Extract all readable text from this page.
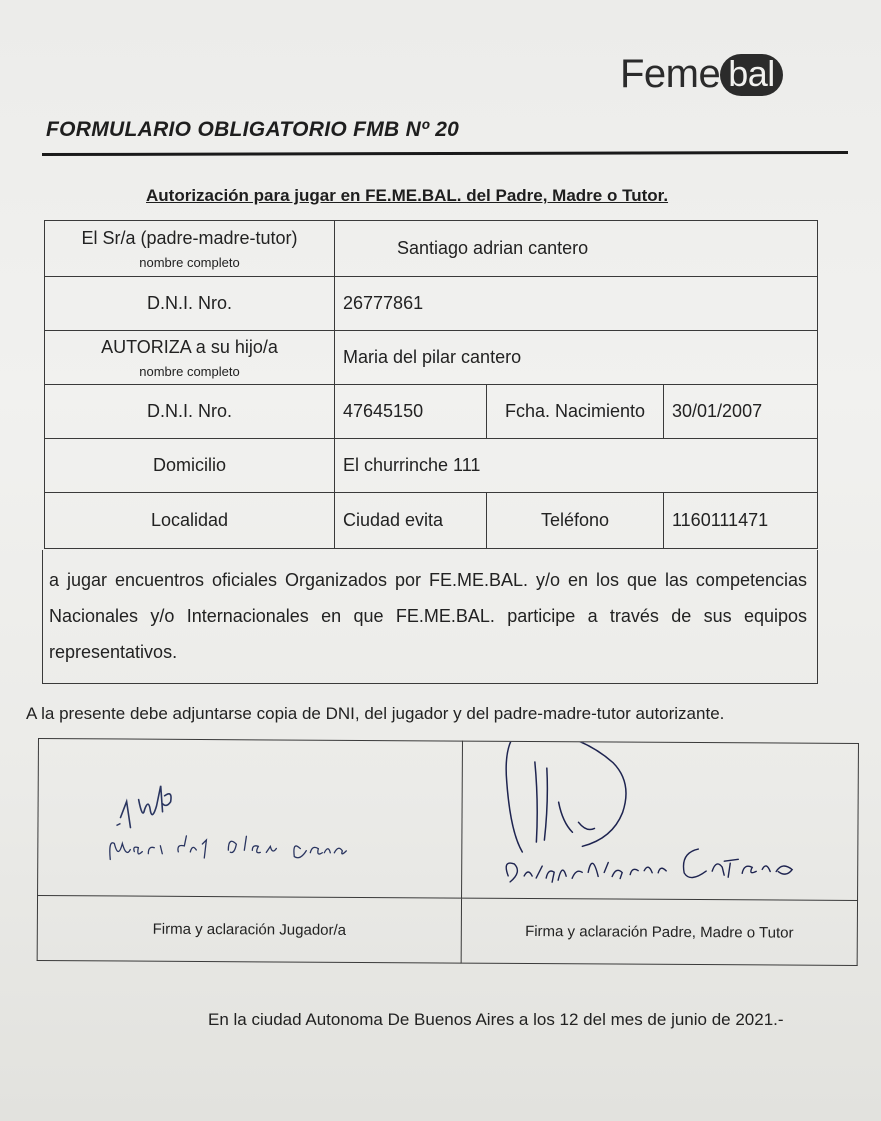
Feme bal
FORMULARIO OBLIGATORIO FMB Nº 20
Autorización para jugar en FE.ME.BAL. del Padre, Madre o Tutor.
El Sr/a (padre-madre-tutor)
nombre completo	Santiago adrian cantero		
D.N.I. Nro.	26777861		
AUTORIZA a su hijo/a
nombre completo	Maria del pilar cantero		
D.N.I. Nro.	47645150	Fcha. Nacimiento	30/01/2007
Domicilio	El churrinche 111		
Localidad	Ciudad evita	Teléfono	1160111471
a jugar encuentros oficiales Organizados por FE.ME.BAL. y/o en los que las competencias Nacionales y/o Internacionales en que FE.ME.BAL. participe a través de sus equipos representativos.
A la presente debe adjuntarse copia de DNI, del jugador y del padre-madre-tutor autorizante.

Firma y aclaración Jugador/a	Firma y aclaración Padre, Madre o Tutor
En la ciudad Autonoma De Buenos Aires a los 12 del mes de junio de 2021.-
